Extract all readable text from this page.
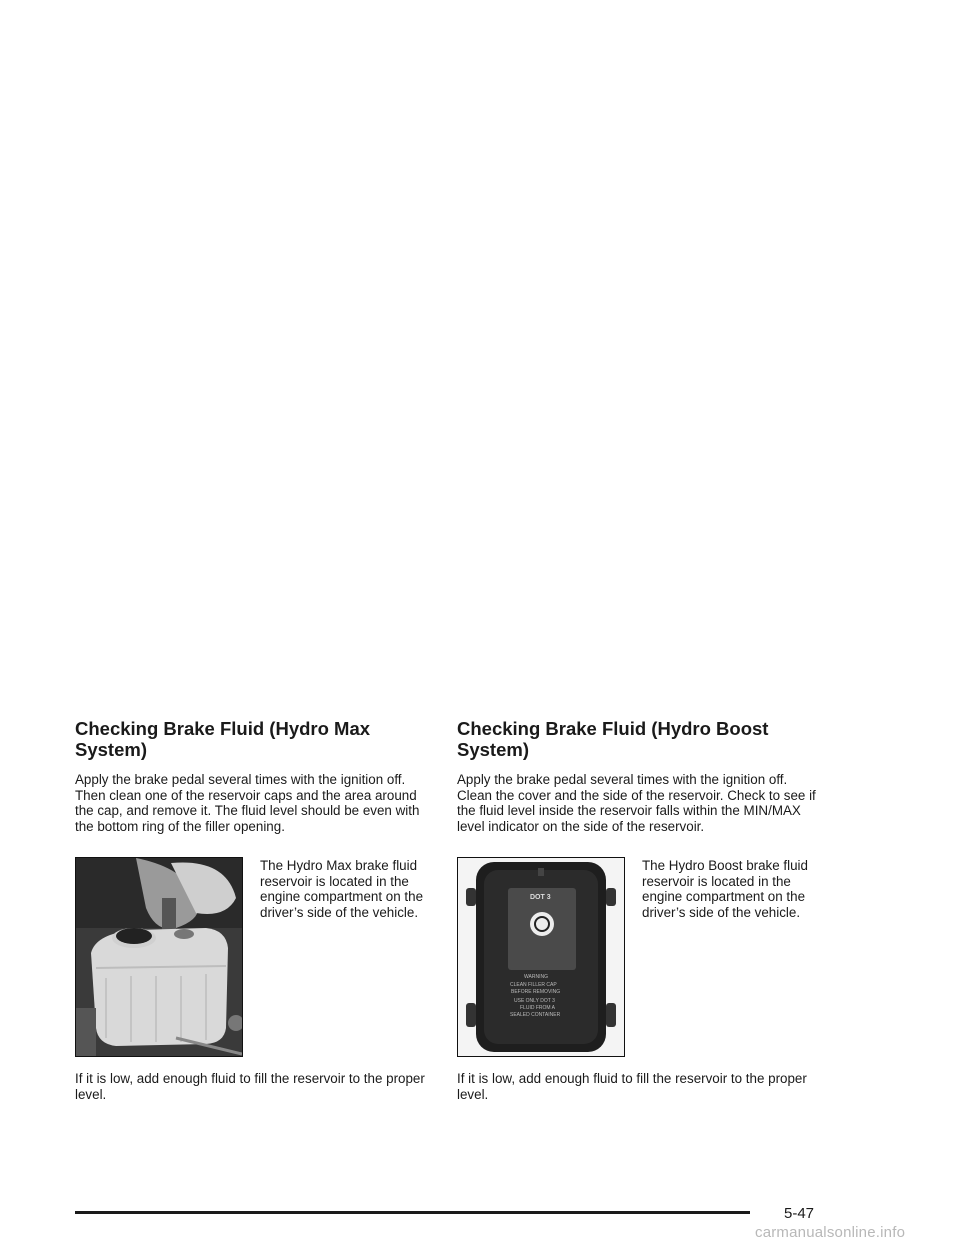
Checking Brake Fluid (Hydro Max System)

Apply the brake pedal several times with the ignition off. Then clean one of the reservoir caps and the area around the cap, and remove it. The fluid level should be even with the bottom ring of the filler opening.

The Hydro Max brake fluid reservoir is located in the engine compartment on the driver’s side of the vehicle.

If it is low, add enough fluid to fill the reservoir to the proper level.

Checking Brake Fluid (Hydro Boost System)

Apply the brake pedal several times with the ignition off. Clean the cover and the side of the reservoir. Check to see if the fluid level inside the reservoir falls within the MIN/MAX level indicator on the side of the reservoir.

DOT 3
WARNING
CLEAN FILLER CAP
BEFORE REMOVING
USE ONLY DOT 3
FLUID FROM A
SEALED CONTAINER

The Hydro Boost brake fluid reservoir is located in the engine compartment on the driver’s side of the vehicle.

If it is low, add enough fluid to fill the reservoir to the proper level.

5-47
carmanualsonline.info
